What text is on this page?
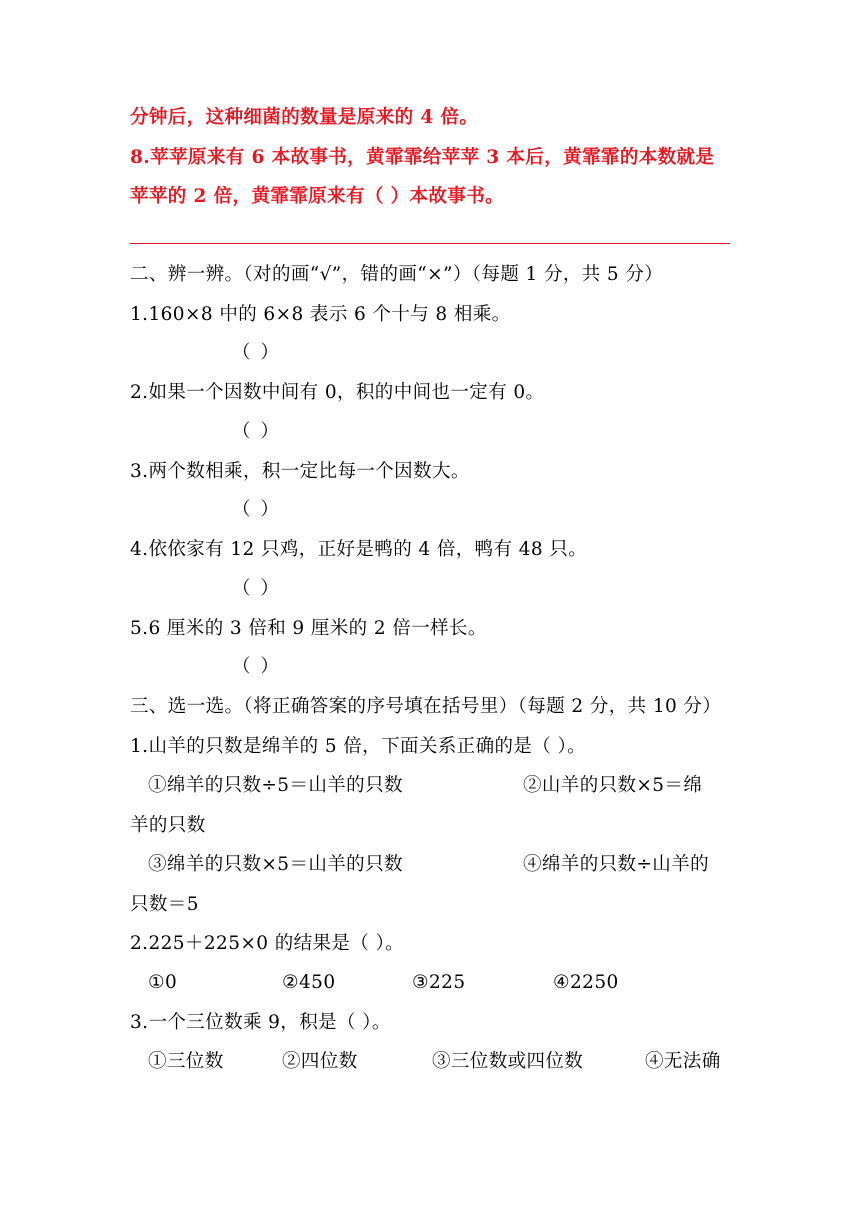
分钟后，这种细菌的数量是原来的 4 倍。
8.苹苹原来有 6 本故事书，黄霏霏给苹苹 3 本后，黄霏霏的本数就是
苹苹的 2 倍，黄霏霏原来有（ ）本故事书。
二、辨一辨。（对的画“√”，错的画“×”）（每题 1 分，共 5 分）
1.160×8 中的 6×8 表示 6 个十与 8 相乘。
（ ）
2.如果一个因数中间有 0，积的中间也一定有 0。
（ ）
3.两个数相乘，积一定比每一个因数大。
（ ）
4.依依家有 12 只鸡，正好是鸭的 4 倍，鸭有 48 只。
（ ）
5.6 厘米的 3 倍和 9 厘米的 2 倍一样长。
（ ）
三、选一选。（将正确答案的序号填在括号里）（每题 2 分，共 10 分）
1.山羊的只数是绵羊的 5 倍，下面关系正确的是（ ）。
①绵羊的只数÷5＝山羊的只数	②山羊的只数×5＝绵
羊的只数
③绵羊的只数×5＝山羊的只数	④绵羊的只数÷山羊的
只数＝5
2.225＋225×0 的结果是（ ）。
①0	②450	③225	④2250
3.一个三位数乘 9，积是（ ）。
①三位数	②四位数	③三位数或四位数	④无法确
